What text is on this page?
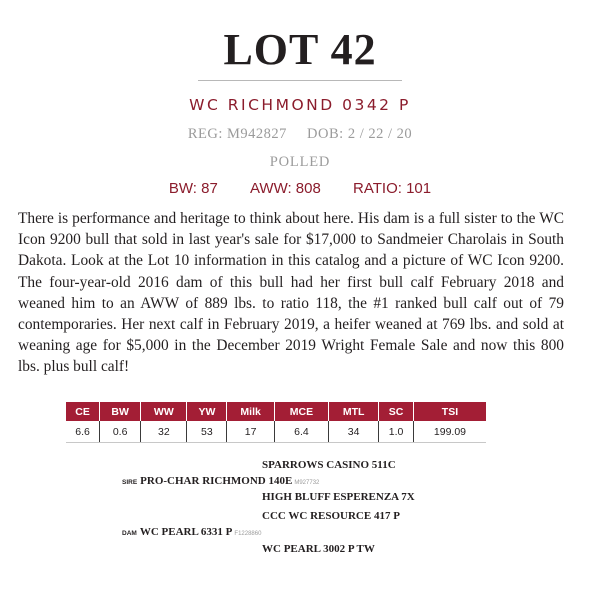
LOT 42
WC RICHMOND 0342 P
REG: M942827 DOB: 2 / 22 / 20
POLLED
BW: 87 AWW: 808 RATIO: 101
There is performance and heritage to think about here. His dam is a full sister to the WC Icon 9200 bull that sold in last year's sale for $17,000 to Sandmeier Charolais in South Dakota. Look at the Lot 10 information in this catalog and a picture of WC Icon 9200. The four-year-old 2016 dam of this bull had her first bull calf February 2018 and weaned him to an AWW of 889 lbs. to ratio 118, the #1 ranked bull calf out of 79 contemporaries. Her next calf in February 2019, a heifer weaned at 769 lbs. and sold at weaning age for $5,000 in the December 2019 Wright Female Sale and now this 800 lbs. plus bull calf!
CE	BW	WW	YW	Milk	MCE	MTL	SC	TSI
6.6	0.6	32	53	17	6.4	34	1.0	199.09
SPARROWS CASINO 511C
SIRE PRO-CHAR RICHMOND 140E M927732
HIGH BLUFF ESPERENZA 7X
CCC WC RESOURCE 417 P
DAM WC PEARL 6331 P F1228860
WC PEARL 3002 P TW
